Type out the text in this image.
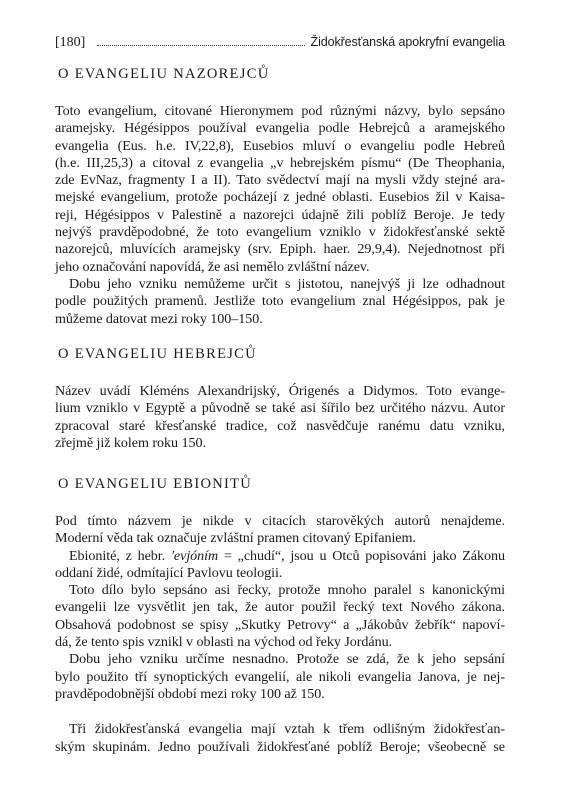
[180]	Židokřesťanská apokryfní evangelia
O EVANGELIU NAZOREJCŮ
Toto evangelium, citované Hieronymem pod různými názvy, bylo sepsáno
aramejsky. Hégésippos používal evangelia podle Hebrejců a aramejského
evangelia (Eus. h.e. IV,22,8), Eusebios mluví o evangeliu podle Hebreů
(h.e. III,25,3) a citoval z evangelia „v hebrejském písmu“ (De Theophania,
zde EvNaz, fragmenty I a II). Tato svědectví mají na mysli vždy stejné ara-
mejské evangelium, protože pocházejí z jedné oblasti. Eusebios žil v Kaisa-
reji, Hégésippos v Palestině a nazorejci údajně žili poblíž Beroje. Je tedy
nejvýš pravděpodobné, že toto evangelium vzniklo v židokřesťanské sektě
nazorejců, mluvících aramejsky (srv. Epiph. haer. 29,9,4). Nejednotnost při
jeho označování napovídá, že asi nemělo zvláštní název.
Dobu jeho vzniku nemůžeme určit s jistotou, nanejvýš ji lze odhadnout
podle použitých pramenů. Jestliže toto evangelium znal Hégésippos, pak je
můžeme datovat mezi roky 100–150.
O EVANGELIU HEBREJCŮ
Název uvádí Kléméns Alexandrijský, Órigenés a Didymos. Toto evange-
lium vzniklo v Egyptě a původně se také asi šířilo bez určitého názvu. Autor
zpracoval staré křesťanské tradice, což nasvědčuje ranému datu vzniku,
zřejmě již kolem roku 150.
O EVANGELIU EBIONITŮ
Pod tímto názvem je nikde v citacích starověkých autorů nenajdeme.
Moderní věda tak označuje zvláštní pramen citovaný Epifaniem.
Ebionité, z hebr. 'evjóním = „chudí“, jsou u Otců popisováni jako Zákonu
oddaní židé, odmítající Pavlovu teologii.
Toto dílo bylo sepsáno asi řecky, protože mnoho paralel s kanonickými
evangelii lze vysvětlit jen tak, že autor použil řecký text Nového zákona.
Obsahová podobnost se spisy „Skutky Petrovy“ a „Jákobův žebřík“ napoví-
dá, že tento spis vznikl v oblasti na východ od řeky Jordánu.
Dobu jeho vzniku určíme nesnadno. Protože se zdá, že k jeho sepsání
bylo použito tří synoptických evangelií, ale nikoli evangelia Janova, je nej-
pravděpodobnější období mezi roky 100 až 150.
Tři židokřesťanská evangelia mají vztah k třem odlišným židokřesťan-
ským skupinám. Jedno používali židokřesťané poblíž Beroje; všeobecně se
